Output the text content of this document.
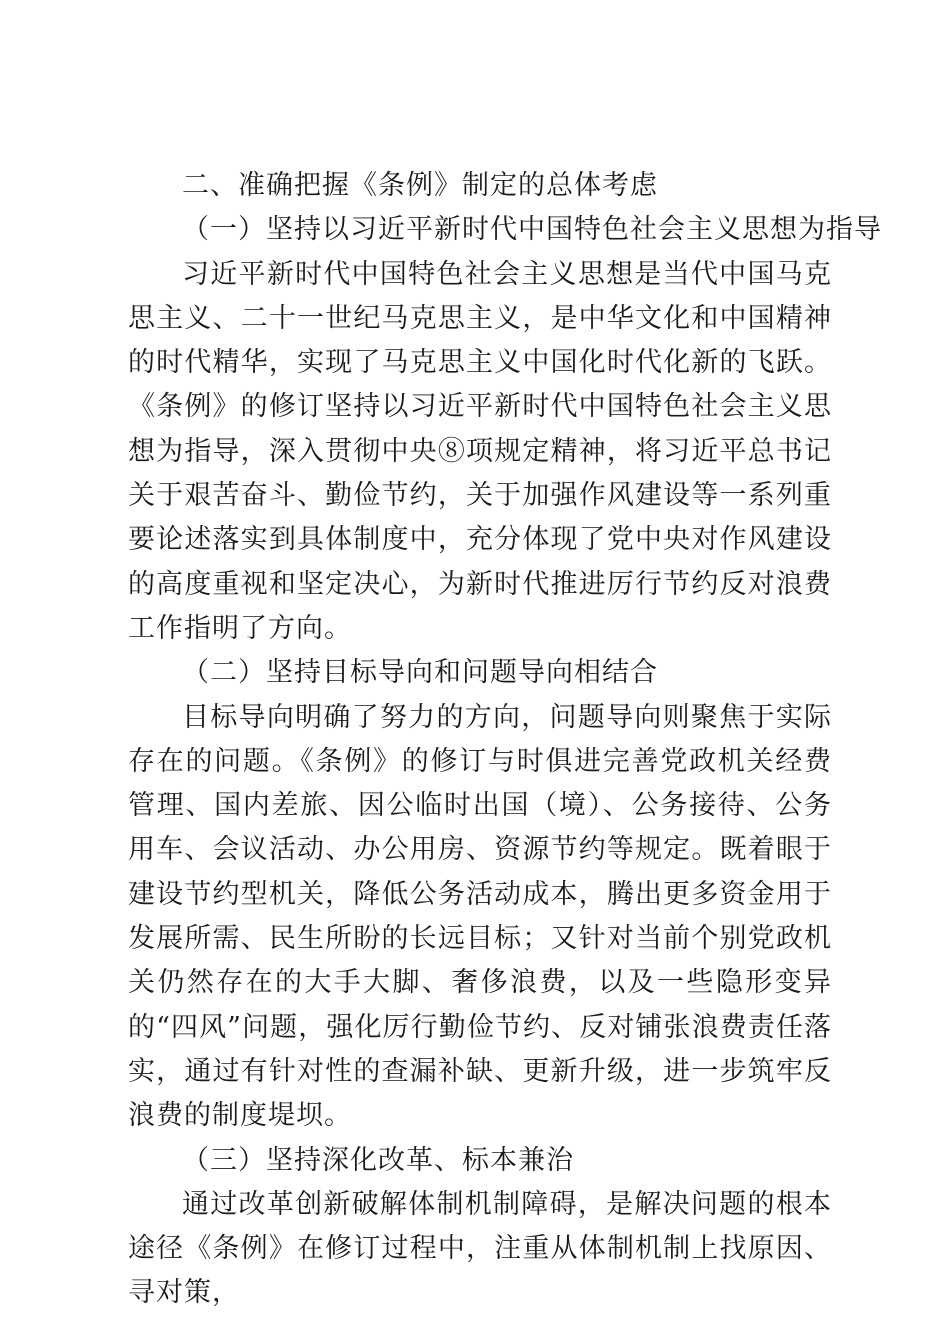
二、准确把握《条例》制定的总体考虑

（一）坚持以习近平新时代中国特色社会主义思想为指导

习近平新时代中国特色社会主义思想是当代中国马克思主义、二十一世纪马克思主义，是中华文化和中国精神的时代精华，实现了马克思主义中国化时代化新的飞跃。《条例》的修订坚持以习近平新时代中国特色社会主义思想为指导，深入贯彻中央⑧项规定精神，将习近平总书记关于艰苦奋斗、勤俭节约，关于加强作风建设等一系列重要论述落实到具体制度中，充分体现了党中央对作风建设的高度重视和坚定决心，为新时代推进厉行节约反对浪费工作指明了方向。

（二）坚持目标导向和问题导向相结合

目标导向明确了努力的方向，问题导向则聚焦于实际存在的问题。《条例》的修订与时俱进完善党政机关经费管理、国内差旅、因公临时出国（境）、公务接待、公务用车、会议活动、办公用房、资源节约等规定。既着眼于建设节约型机关，降低公务活动成本，腾出更多资金用于发展所需、民生所盼的长远目标；又针对当前个别党政机关仍然存在的大手大脚、奢侈浪费，以及一些隐形变异的“四风”问题，强化厉行勤俭节约、反对铺张浪费责任落实，通过有针对性的查漏补缺、更新升级，进一步筑牢反浪费的制度堤坝。

（三）坚持深化改革、标本兼治

通过改革创新破解体制机制障碍，是解决问题的根本途径《条例》在修订过程中，注重从体制机制上找原因、寻对策，
